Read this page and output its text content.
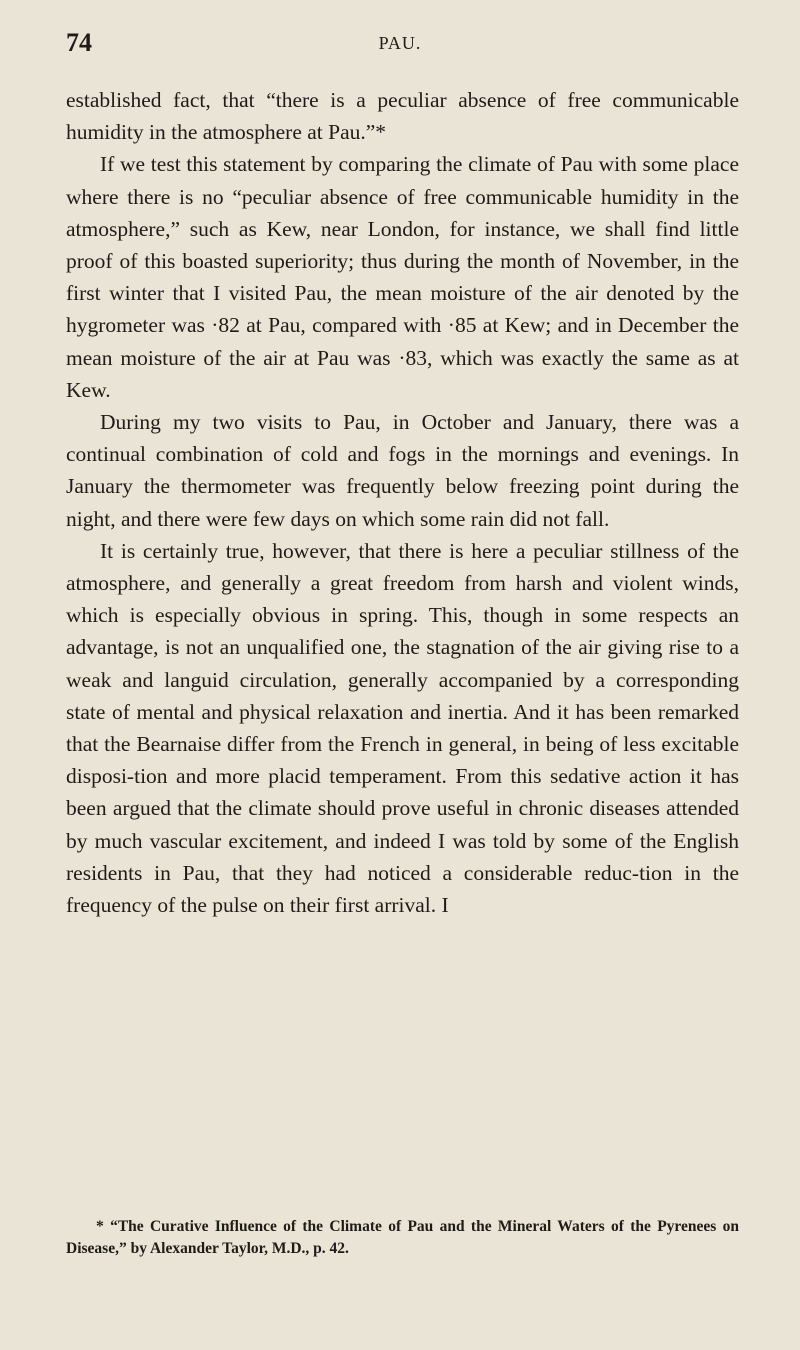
74	PAU.

established fact, that “there is a peculiar absence of free communicable humidity in the atmosphere at Pau.”*

If we test this statement by comparing the climate of Pau with some place where there is no “peculiar absence of free communicable humidity in the atmosphere,” such as Kew, near London, for instance, we shall find little proof of this boasted superiority; thus during the month of November, in the first winter that I visited Pau, the mean moisture of the air denoted by the hygrometer was ·82 at Pau, compared with ·85 at Kew; and in December the mean moisture of the air at Pau was ·83, which was exactly the same as at Kew.

During my two visits to Pau, in October and January, there was a continual combination of cold and fogs in the mornings and evenings. In January the thermometer was frequently below freezing point during the night, and there were few days on which some rain did not fall.

It is certainly true, however, that there is here a peculiar stillness of the atmosphere, and generally a great freedom from harsh and violent winds, which is especially obvious in spring. This, though in some respects an advantage, is not an unqualified one, the stagnation of the air giving rise to a weak and languid circulation, generally accompanied by a corresponding state of mental and physical relaxation and inertia. And it has been remarked that the Bearnaise differ from the French in general, in being of less excitable disposi-tion and more placid temperament. From this sedative action it has been argued that the climate should prove useful in chronic diseases attended by much vascular excitement, and indeed I was told by some of the English residents in Pau, that they had noticed a considerable reduc-tion in the frequency of the pulse on their first arrival. I

* “The Curative Influence of the Climate of Pau and the Mineral Waters of the Pyrenees on Disease,” by Alexander Taylor, M.D., p. 42.
